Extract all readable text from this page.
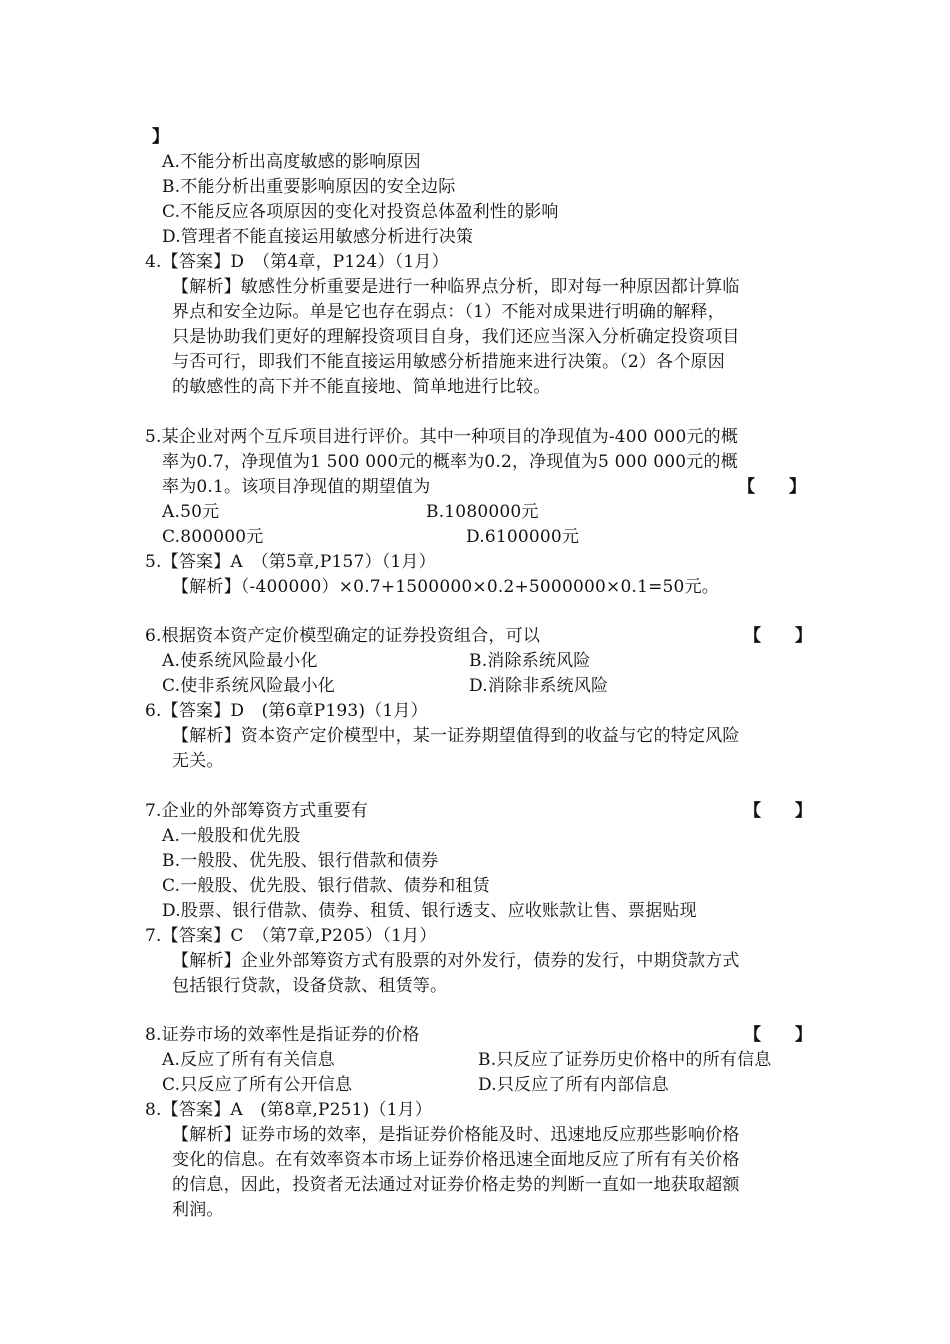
】
A.不能分析出高度敏感的影响原因
B.不能分析出重要影响原因的安全边际
C.不能反应各项原因的变化对投资总体盈利性的影响
D.管理者不能直接运用敏感分析进行决策
4.【答案】D　（第4章，P124）（1月）
【解析】敏感性分析重要是进行一种临界点分析，即对每一种原因都计算临
界点和安全边际。单是它也存在弱点：（1）不能对成果进行明确的解释，
只是协助我们更好的理解投资项目自身，我们还应当深入分析确定投资项目
与否可行，即我们不能直接运用敏感分析措施来进行决策。（2）各个原因
的敏感性的高下并不能直接地、简单地进行比较。
5.某企业对两个互斥项目进行评价。其中一种项目的净现值为-400 000元的概
率为0.7，净现值为1 500 000元的概率为0.2，净现值为5 000 000元的概
率为0.1。该项目净现值的期望值为	【　　】
A.50元	B.1080000元
C.800000元	D.6100000元
5.【答案】A　（第5章,P157）（1月）
【解析】（-400000）×0.7+1500000×0.2+5000000×0.1=50元。
6.根据资本资产定价模型确定的证券投资组合，可以	【　　】
A.使系统风险最小化	B.消除系统风险
C.使非系统风险最小化	D.消除非系统风险
6.【答案】D　(第6章P193)（1月）
【解析】资本资产定价模型中，某一证券期望值得到的收益与它的特定风险
无关。
7.企业的外部筹资方式重要有	【　　】
A.一般股和优先股
B.一般股、优先股、银行借款和债券
C.一般股、优先股、银行借款、债券和租赁
D.股票、银行借款、债券、租赁、银行透支、应收账款让售、票据贴现
7.【答案】C　（第7章,P205）（1月）
【解析】企业外部筹资方式有股票的对外发行，债券的发行，中期贷款方式
包括银行贷款，设备贷款、租赁等。
8.证券市场的效率性是指证券的价格	【　　】
A.反应了所有有关信息	B.只反应了证券历史价格中的所有信息
C.只反应了所有公开信息	D.只反应了所有内部信息
8.【答案】A　(第8章,P251)（1月）
【解析】证券市场的效率，是指证券价格能及时、迅速地反应那些影响价格
变化的信息。在有效率资本市场上证券价格迅速全面地反应了所有有关价格
的信息，因此，投资者无法通过对证券价格走势的判断一直如一地获取超额
利润。
